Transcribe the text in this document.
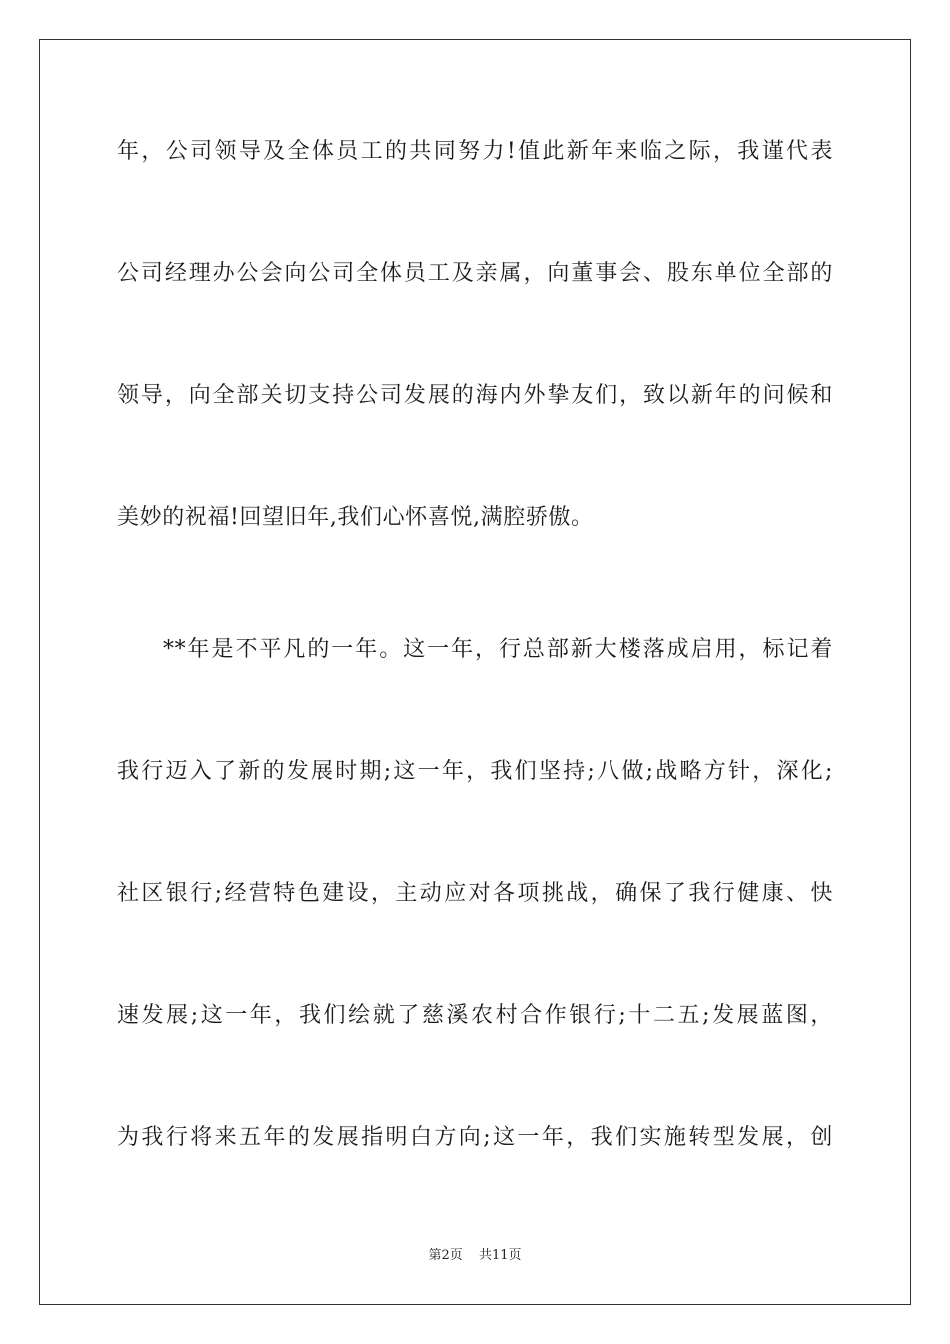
年，公司领导及全体员工的共同努力!值此新年来临之际，我谨代表
公司经理办公会向公司全体员工及亲属，向董事会、股东单位全部的
领导，向全部关切支持公司发展的海内外挚友们，致以新年的问候和
美妙的祝福!回望旧年,我们心怀喜悦,满腔骄傲。
**年是不平凡的一年。这一年，行总部新大楼落成启用，标记着
我行迈入了新的发展时期;这一年，我们坚持;八做;战略方针，深化;
社区银行;经营特色建设，主动应对各项挑战，确保了我行健康、快
速发展;这一年，我们绘就了慈溪农村合作银行;十二五;发展蓝图，
为我行将来五年的发展指明白方向;这一年，我们实施转型发展，创
第2页 共11页
